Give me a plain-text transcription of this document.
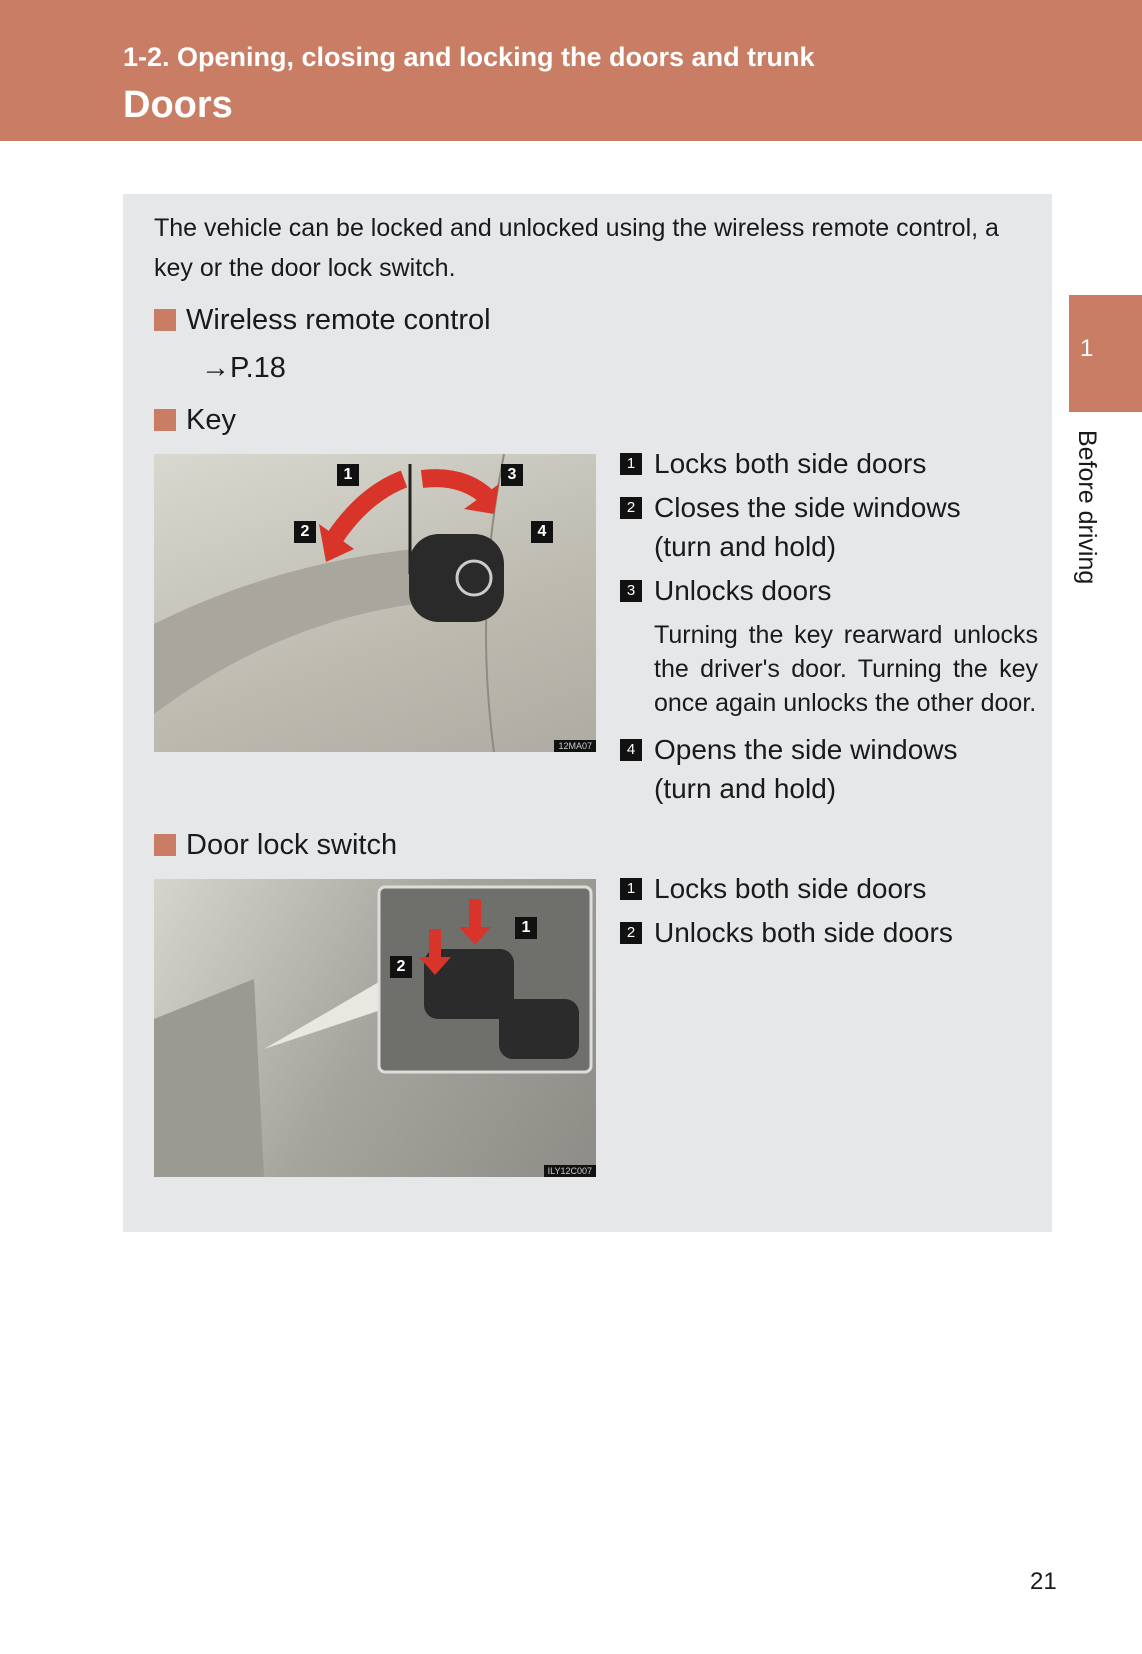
1-2. Opening, closing and locking the doors and trunk
Doors
The vehicle can be locked and unlocked using the wireless remote control, a key or the door lock switch.
Wireless remote control
→P.18
Key
1
2
3
4
12MA07
1 Locks both side doors
2 Closes the side windows (turn and hold)
3 Unlocks doors
Turning the key rearward unlocks the driver's door. Turning the key once again unlocks the other door.
4 Opens the side windows (turn and hold)
Door lock switch
1
2
ILY12C007
1 Locks both side doors
2 Unlocks both side doors
1
Before driving
21
